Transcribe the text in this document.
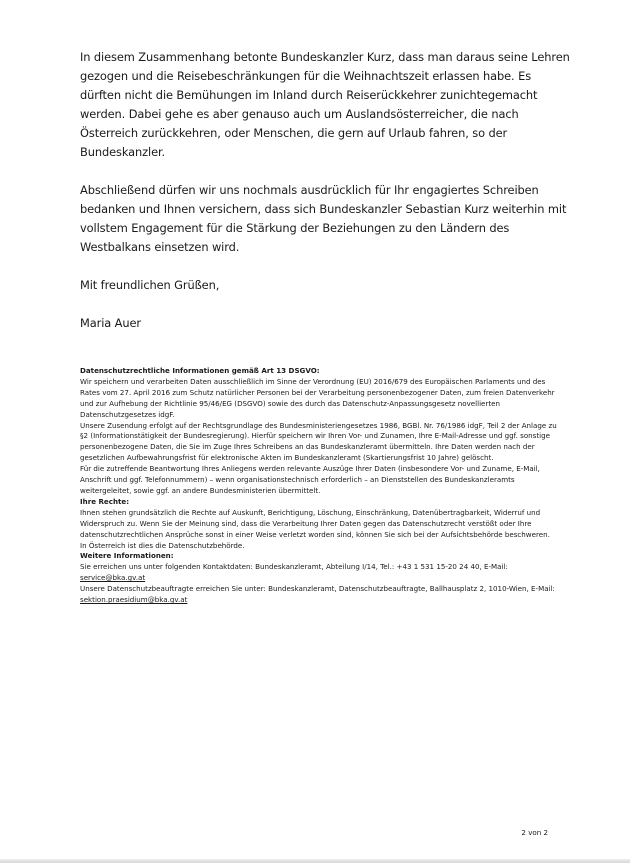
In diesem Zusammenhang betonte Bundeskanzler Kurz, dass man daraus seine Lehren gezogen und die Reisebeschränkungen für die Weihnachtszeit erlassen habe. Es dürften nicht die Bemühungen im Inland durch Reiserückkehrer zunichtegemacht werden. Dabei gehe es aber genauso auch um Auslandsösterreicher, die nach Österreich zurückkehren, oder Menschen, die gern auf Urlaub fahren, so der Bundeskanzler.

Abschließend dürfen wir uns nochmals ausdrücklich für Ihr engagiertes Schreiben bedanken und Ihnen versichern, dass sich Bundeskanzler Sebastian Kurz weiterhin mit vollstem Engagement für die Stärkung der Beziehungen zu den Ländern des Westbalkans einsetzen wird.

Mit freundlichen Grüßen,

Maria Auer

Datenschutzrechtliche Informationen gemäß Art 13 DSGVO:

Wir speichern und verarbeiten Daten ausschließlich im Sinne der Verordnung (EU) 2016/679 des Europäischen Parlaments und des Rates vom 27. April 2016 zum Schutz natürlicher Personen bei der Verarbeitung personenbezogener Daten, zum freien Datenverkehr und zur Aufhebung der Richtlinie 95/46/EG (DSGVO) sowie des durch das Datenschutz-Anpassungsgesetz novellierten Datenschutzgesetzes idgF.

Unsere Zusendung erfolgt auf der Rechtsgrundlage des Bundesministeriengesetzes 1986, BGBl. Nr. 76/1986 idgF, Teil 2 der Anlage zu §2 (Informationstätigkeit der Bundesregierung). Hierfür speichern wir Ihren Vor- und Zunamen, Ihre E-Mail-Adresse und ggf. sonstige personenbezogene Daten, die Sie im Zuge Ihres Schreibens an das Bundeskanzleramt übermitteln. Ihre Daten werden nach der gesetzlichen Aufbewahrungsfrist für elektronische Akten im Bundeskanzleramt (Skartierungsfrist 10 Jahre) gelöscht.

Für die zutreffende Beantwortung Ihres Anliegens werden relevante Auszüge Ihrer Daten (insbesondere Vor- und Zuname, E-Mail, Anschrift und ggf. Telefonnummern) – wenn organisationstechnisch erforderlich – an Dienststellen des Bundeskanzleramts weitergeleitet, sowie ggf. an andere Bundesministerien übermittelt.

Ihre Rechte:

Ihnen stehen grundsätzlich die Rechte auf Auskunft, Berichtigung, Löschung, Einschränkung, Datenübertragbarkeit, Widerruf und Widerspruch zu. Wenn Sie der Meinung sind, dass die Verarbeitung Ihrer Daten gegen das Datenschutzrecht verstößt oder Ihre datenschutzrechtlichen Ansprüche sonst in einer Weise verletzt worden sind, können Sie sich bei der Aufsichtsbehörde beschweren. In Österreich ist dies die Datenschutzbehörde.

Weitere Informationen:

Sie erreichen uns unter folgenden Kontaktdaten: Bundeskanzleramt, Abteilung I/14, Tel.: +43 1 531 15-20 24 40, E-Mail: service@bka.gv.at

Unsere Datenschutzbeauftragte erreichen Sie unter: Bundeskanzleramt, Datenschutzbeauftragte, Ballhausplatz 2, 1010-Wien, E-Mail: sektion.praesidium@bka.gv.at

2 von 2
